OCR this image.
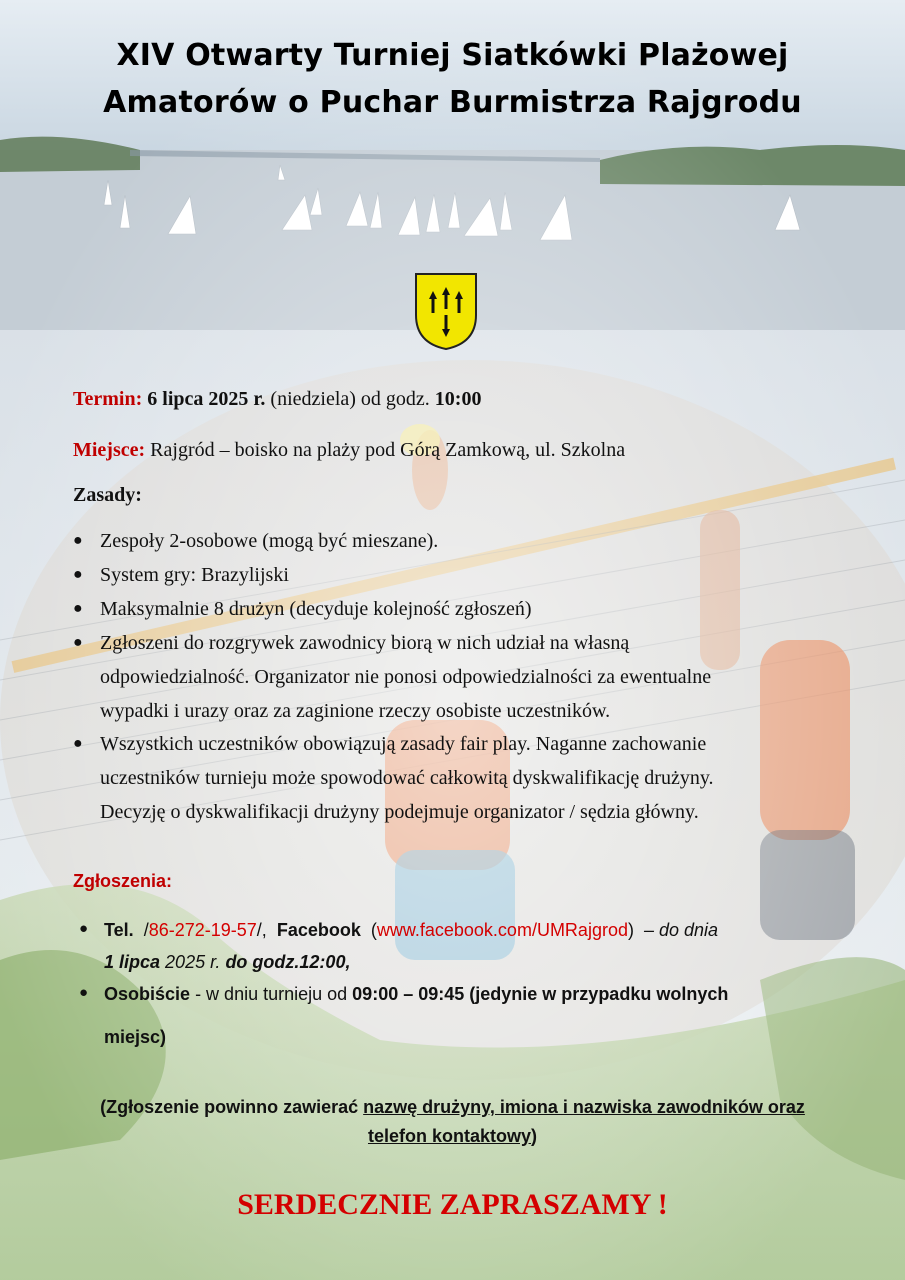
XIV Otwarty Turniej Siatkówki Plażowej
Amatorów o Puchar Burmistrza Rajgrodu
Termin: 6 lipca 2025 r. (niedziela) od godz. 10:00
Miejsce: Rajgród – boisko na plaży pod Górą Zamkową, ul. Szkolna
Zasady:
● Zespoły 2-osobowe (mogą być mieszane).
● System gry: Brazylijski
● Maksymalnie 8 drużyn (decyduje kolejność zgłoszeń)
● Zgłoszeni do rozgrywek zawodnicy biorą w nich udział na własną
odpowiedzialność. Organizator nie ponosi odpowiedzialności za ewentualne
wypadki i urazy oraz za zaginione rzeczy osobiste uczestników.
● Wszystkich uczestników obowiązują zasady fair play. Naganne zachowanie
uczestników turnieju może spowodować całkowitą dyskwalifikację drużyny.
Decyzję o dyskwalifikacji drużyny podejmuje organizator / sędzia główny.
Zgłoszenia:
● Tel. /86-272-19-57/, Facebook (www.facebook.com/UMRajgrod) – do dnia
1 lipca 2025 r. do godz.12:00,
● Osobiście - w dniu turnieju od 09:00 – 09:45 (jedynie w przypadku wolnych
miejsc)
(Zgłoszenie powinno zawierać nazwę drużyny, imiona i nazwiska zawodników oraz
telefon kontaktowy)
SERDECZNIE ZAPRASZAMY !
